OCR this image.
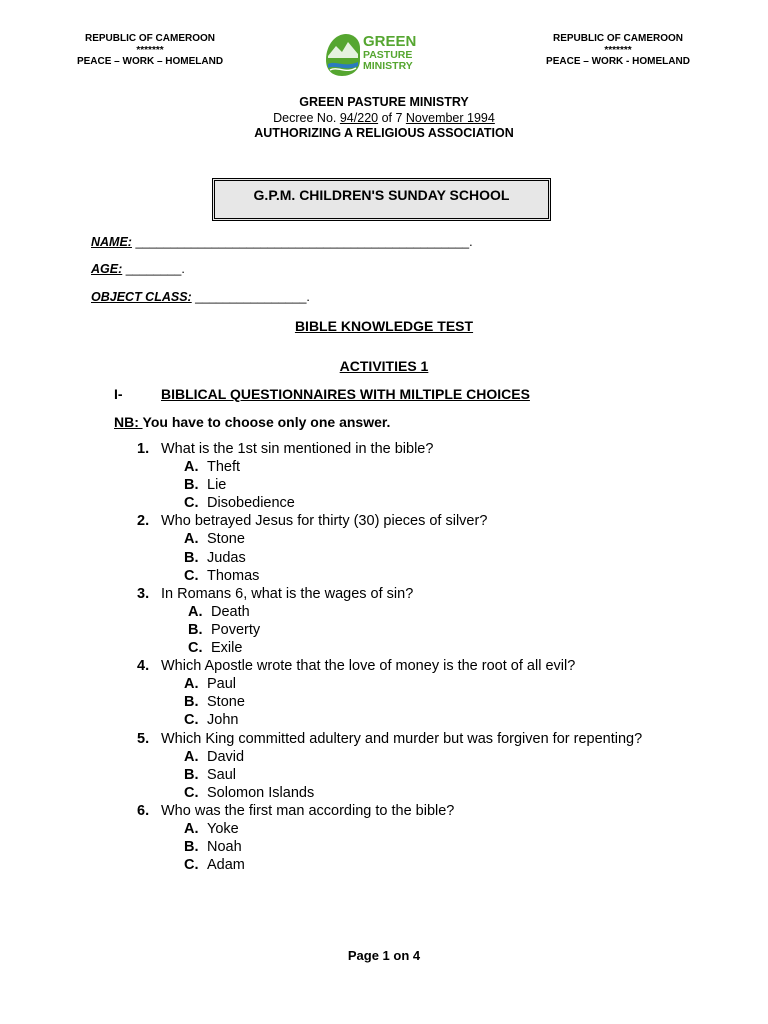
REPUBLIC OF CAMEROON
*******
PEACE – WORK – HOMELAND
GREEN
PASTURE
MINISTRY
REPUBLIC OF CAMEROON
*******
PEACE – WORK - HOMELAND
GREEN PASTURE MINISTRY
Decree No. 94/220 of 7 November 1994
AUTHORIZING A RELIGIOUS ASSOCIATION
G.P.M. CHILDREN'S SUNDAY SCHOOL
NAME: ________________________________________________.
AGE: ________.
OBJECT CLASS: ________________.
BIBLE KNOWLEDGE TEST
ACTIVITIES 1
I-	BIBLICAL QUESTIONNAIRES WITH MILTIPLE CHOICES
NB: You have to choose only one answer.
1. What is the 1st sin mentioned in the bible?
A. Theft
B. Lie
C. Disobedience
2. Who betrayed Jesus for thirty (30) pieces of silver?
A. Stone
B. Judas
C. Thomas
3. In Romans 6, what is the wages of sin?
A. Death
B. Poverty
C. Exile
4. Which Apostle wrote that the love of money is the root of all evil?
A. Paul
B. Stone
C. John
5. Which King committed adultery and murder but was forgiven for repenting?
A. David
B. Saul
C. Solomon Islands
6. Who was the first man according to the bible?
A. Yoke
B. Noah
C. Adam
Page 1 on 4
